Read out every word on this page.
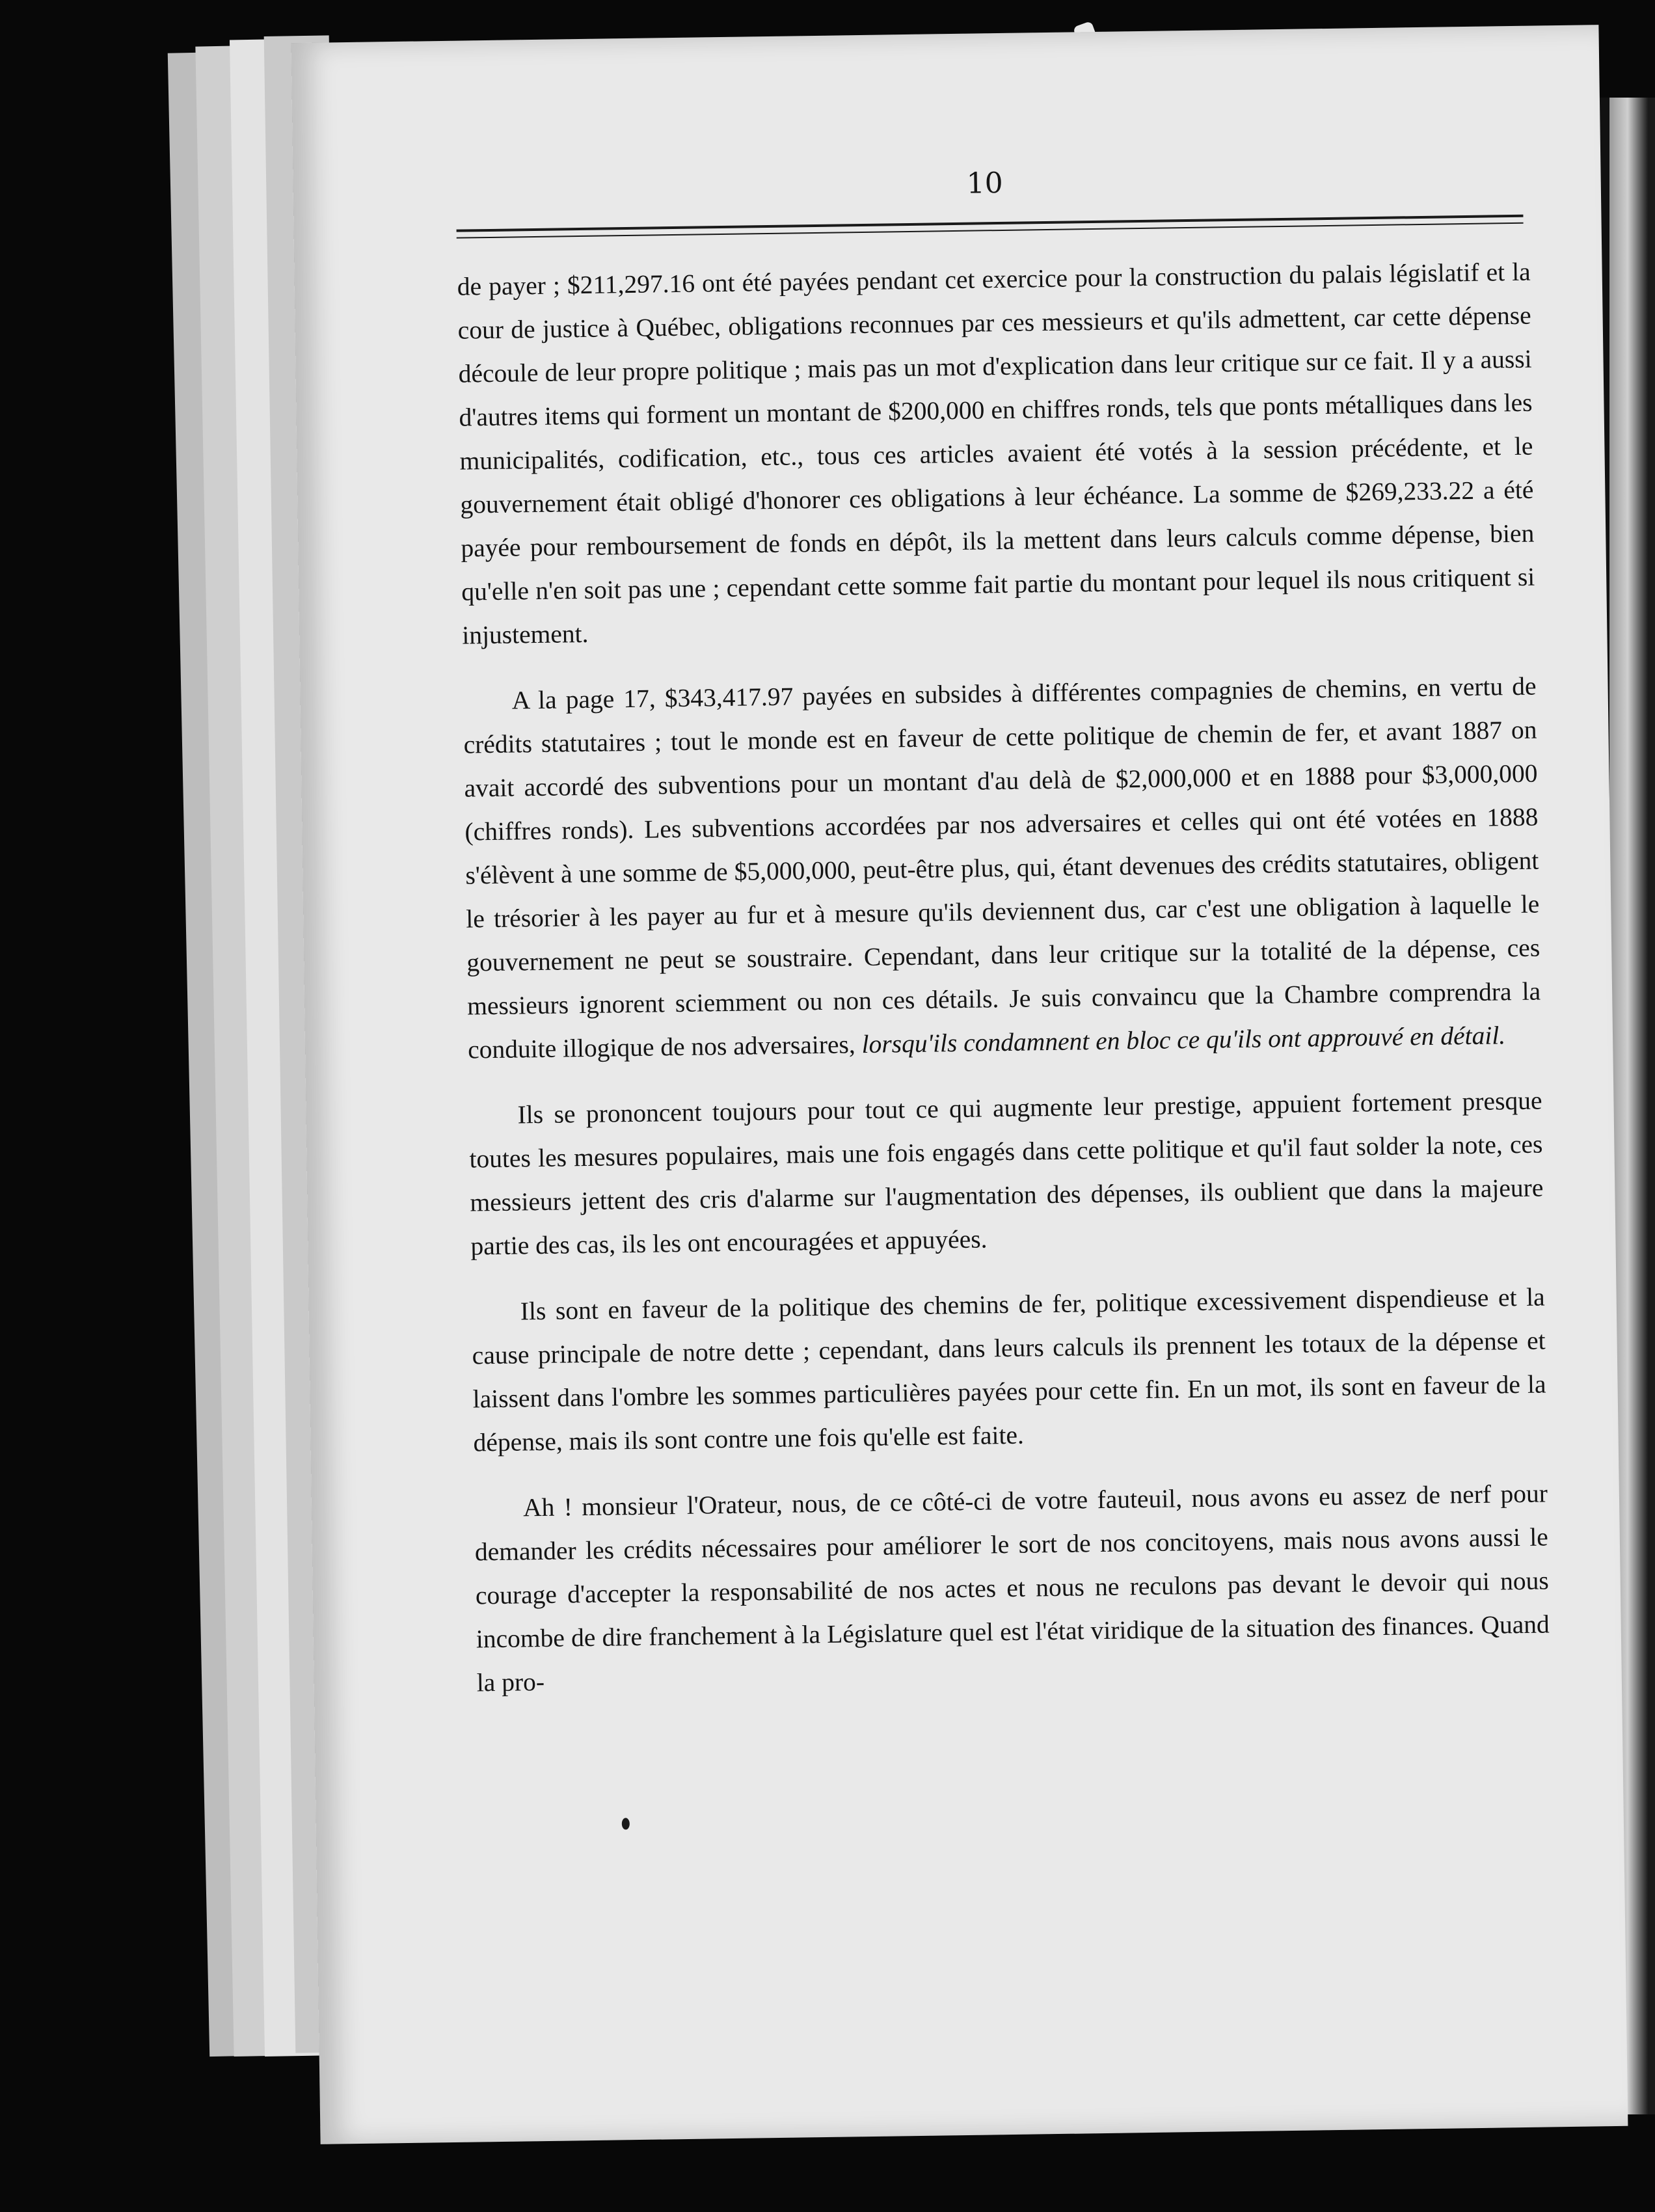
10

de payer ; $211,297.16 ont été payées pendant cet exercice pour la construction du palais législatif et la cour de justice à Québec, obligations reconnues par ces messieurs et qu'ils admettent, car cette dépense découle de leur propre politique ; mais pas un mot d'explication dans leur critique sur ce fait. Il y a aussi d'autres items qui forment un montant de $200,000 en chiffres ronds, tels que ponts métalliques dans les municipalités, codification, etc., tous ces articles avaient été votés à la session précédente, et le gouvernement était obligé d'honorer ces obligations à leur échéance. La somme de $269,233.22 a été payée pour remboursement de fonds en dépôt, ils la mettent dans leurs calculs comme dépense, bien qu'elle n'en soit pas une ; cependant cette somme fait partie du montant pour lequel ils nous critiquent si injustement.

A la page 17, $343,417.97 payées en subsides à différentes compagnies de chemins, en vertu de crédits statutaires ; tout le monde est en faveur de cette politique de chemin de fer, et avant 1887 on avait accordé des subventions pour un montant d'au delà de $2,000,000 et en 1888 pour $3,000,000 (chiffres ronds). Les subventions accordées par nos adversaires et celles qui ont été votées en 1888 s'élèvent à une somme de $5,000,000, peut-être plus, qui, étant devenues des crédits statutaires, obligent le trésorier à les payer au fur et à mesure qu'ils deviennent dus, car c'est une obligation à laquelle le gouvernement ne peut se soustraire. Cependant, dans leur critique sur la totalité de la dépense, ces messieurs ignorent sciemment ou non ces détails. Je suis convaincu que la Chambre comprendra la conduite illogique de nos adversaires, lorsqu'ils condamnent en bloc ce qu'ils ont approuvé en détail.

Ils se prononcent toujours pour tout ce qui augmente leur prestige, appuient fortement presque toutes les mesures populaires, mais une fois engagés dans cette politique et qu'il faut solder la note, ces messieurs jettent des cris d'alarme sur l'augmentation des dépenses, ils oublient que dans la majeure partie des cas, ils les ont encouragées et appuyées.

Ils sont en faveur de la politique des chemins de fer, politique excessivement dispendieuse et la cause principale de notre dette ; cependant, dans leurs calculs ils prennent les totaux de la dépense et laissent dans l'ombre les sommes particulières payées pour cette fin. En un mot, ils sont en faveur de la dépense, mais ils sont contre une fois qu'elle est faite.

Ah ! monsieur l'Orateur, nous, de ce côté-ci de votre fauteuil, nous avons eu assez de nerf pour demander les crédits nécessaires pour améliorer le sort de nos concitoyens, mais nous avons aussi le courage d'accepter la responsabilité de nos actes et nous ne reculons pas devant le devoir qui nous incombe de dire franchement à la Législature quel est l'état viridique de la situation des finances. Quand la pro-
